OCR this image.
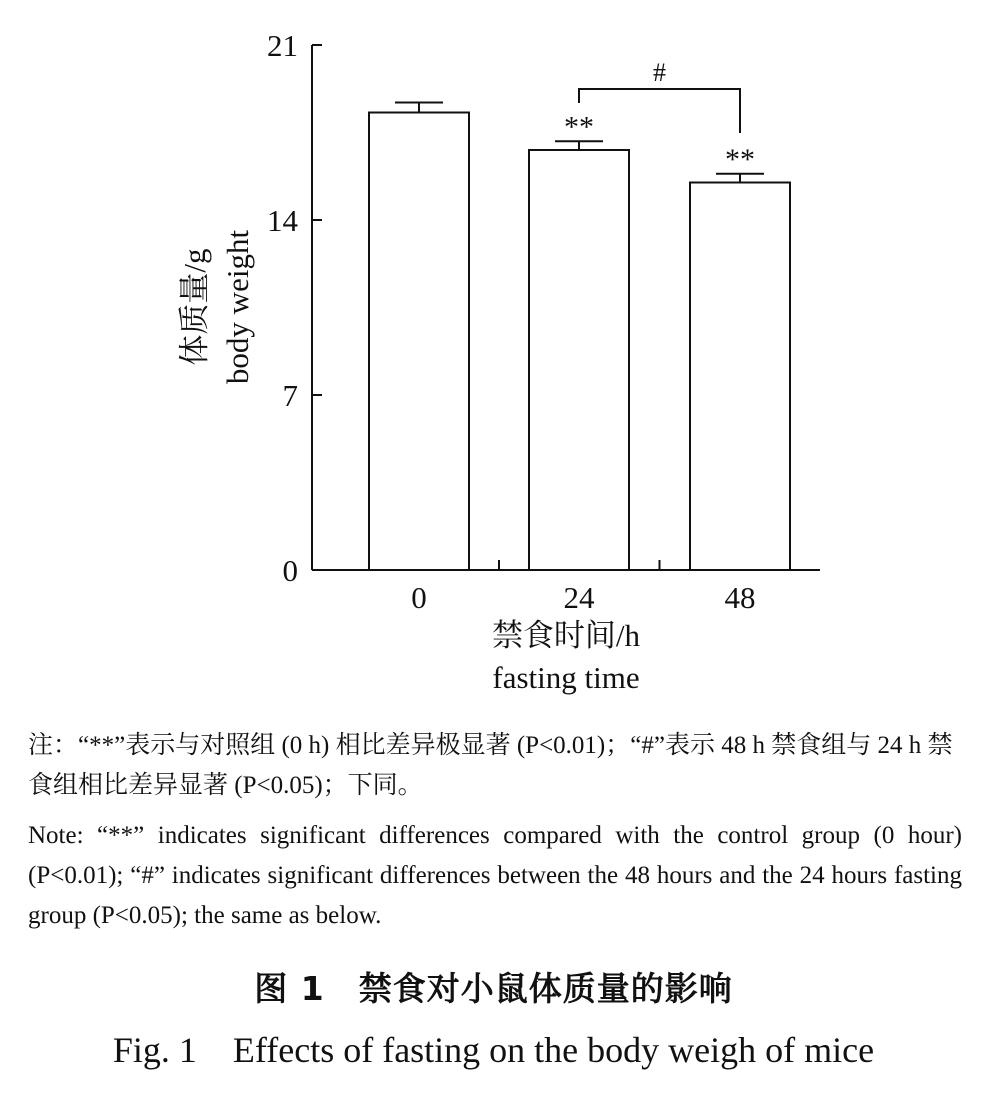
0
7
14
21
0	24	48
**
**
#
体质量/g body weight
禁食时间/h
fasting time

注：“**”表示与对照组 (0 h) 相比差异极显著 (P<0.01)；“#”表示 48 h 禁食组与 24 h 禁食组相比差异显著 (P<0.05)；下同。

Note: “**” indicates significant differences compared with the control group (0 hour) (P<0.01); “#” indicates significant differences between the 48 hours and the 24 hours fasting group (P<0.05); the same as below.

图 1　禁食对小鼠体质量的影响

Fig. 1　Effects of fasting on the body weigh of mice
